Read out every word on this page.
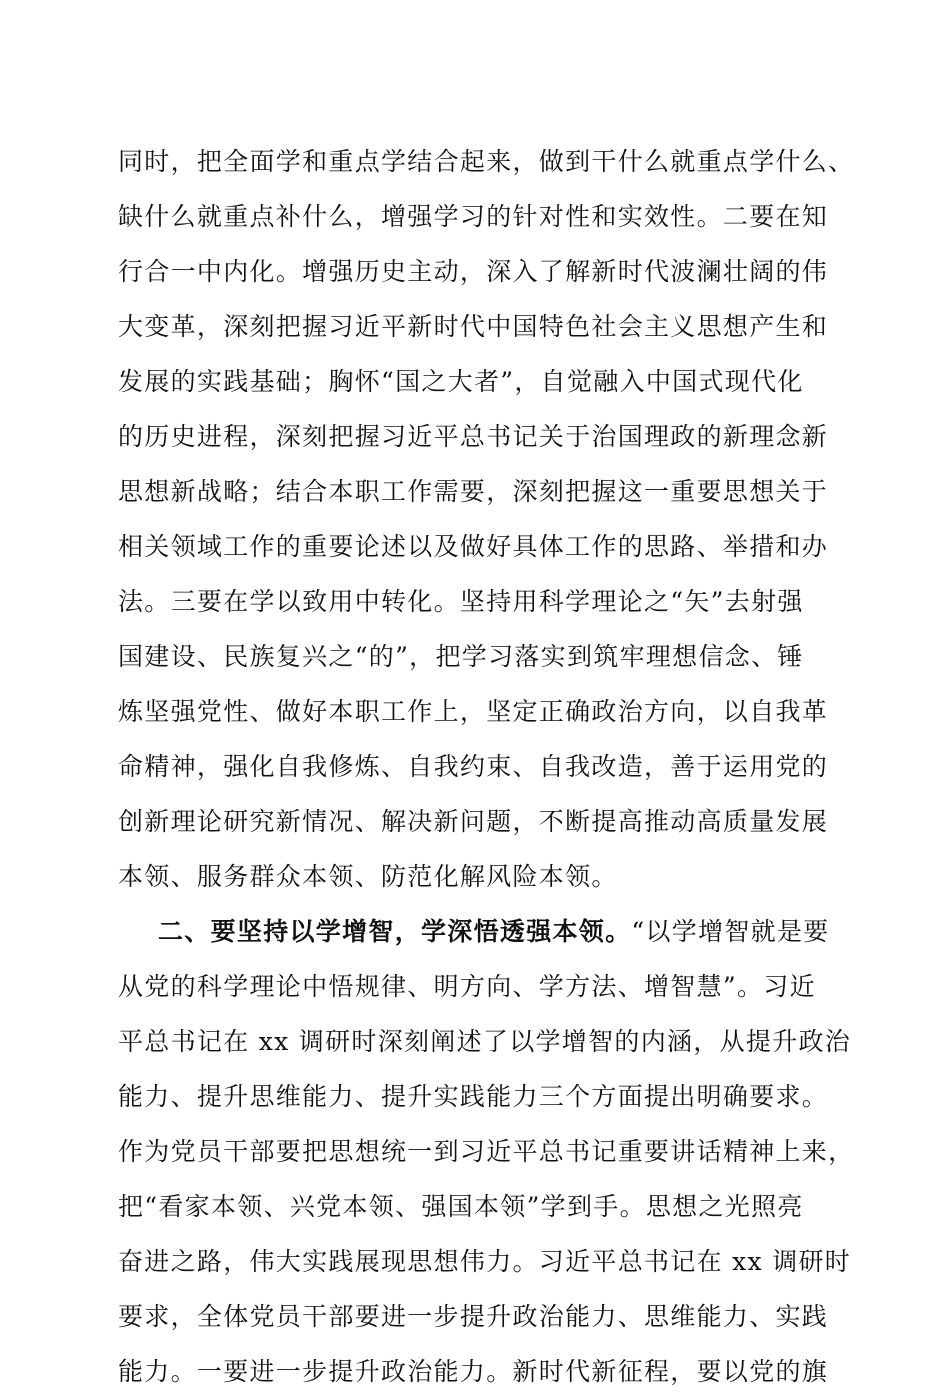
同时，把全面学和重点学结合起来，做到干什么就重点学什么、
缺什么就重点补什么，增强学习的针对性和实效性。二要在知
行合一中内化。增强历史主动，深入了解新时代波澜壮阔的伟
大变革，深刻把握习近平新时代中国特色社会主义思想产生和
发展的实践基础；胸怀“国之大者”，自觉融入中国式现代化
的历史进程，深刻把握习近平总书记关于治国理政的新理念新
思想新战略；结合本职工作需要，深刻把握这一重要思想关于
相关领域工作的重要论述以及做好具体工作的思路、举措和办
法。三要在学以致用中转化。坚持用科学理论之“矢”去射强
国建设、民族复兴之“的”，把学习落实到筑牢理想信念、锤
炼坚强党性、做好本职工作上，坚定正确政治方向，以自我革
命精神，强化自我修炼、自我约束、自我改造，善于运用党的
创新理论研究新情况、解决新问题，不断提高推动高质量发展
本领、服务群众本领、防范化解风险本领。
二、要坚持以学增智，学深悟透强本领。“以学增智就是要
从党的科学理论中悟规律、明方向、学方法、增智慧”。习近
平总书记在 xx 调研时深刻阐述了以学增智的内涵，从提升政治
能力、提升思维能力、提升实践能力三个方面提出明确要求。
作为党员干部要把思想统一到习近平总书记重要讲话精神上来，
把“看家本领、兴党本领、强国本领”学到手。思想之光照亮
奋进之路，伟大实践展现思想伟力。习近平总书记在 xx 调研时
要求，全体党员干部要进一步提升政治能力、思维能力、实践
能力。一要进一步提升政治能力。新时代新征程，要以党的旗
